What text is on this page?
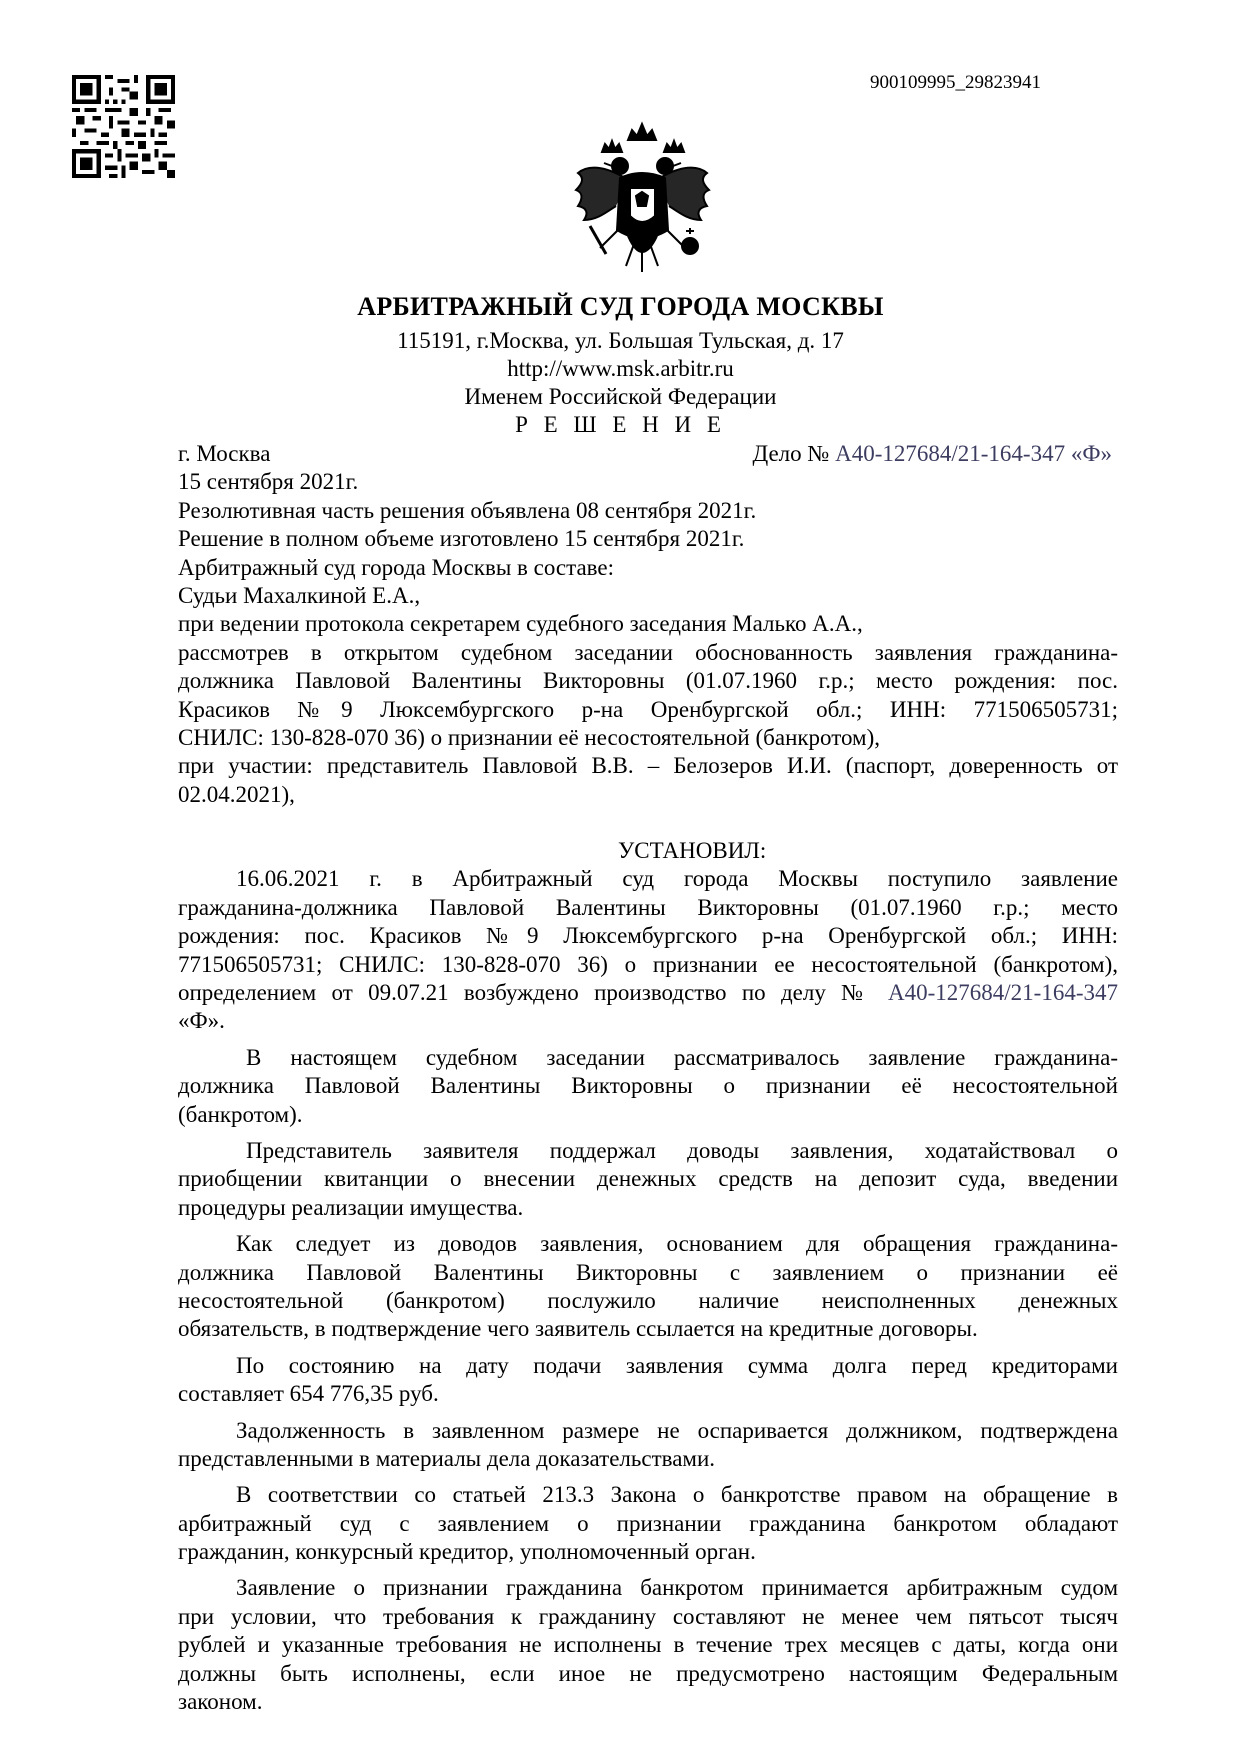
900109995_29823941
АРБИТРАЖНЫЙ СУД ГОРОДА МОСКВЫ
115191, г.Москва, ул. Большая Тульская, д. 17
http://www.msk.arbitr.ru
Именем Российской Федерации
Р Е Ш Е Н И Е
г. Москва	Дело № А40-127684/21-164-347 «Ф»
15 сентября 2021г.
Резолютивная часть решения объявлена 08 сентября 2021г.
Решение в полном объеме изготовлено 15 сентября 2021г.
Арбитражный суд города Москвы в составе:
Судьи Махалкиной Е.А.,
при ведении протокола секретарем судебного заседания Малько А.А.,
рассмотрев в открытом судебном заседании обоснованность заявления гражданина-
должника Павловой Валентины Викторовны (01.07.1960 г.р.; место рождения: пос.
Красиков №9 Люксембургского р-на Оренбургской обл.; ИНН: 771506505731;
СНИЛС: 130-828-070 36) о признании её несостоятельной (банкротом),
при участии: представитель Павловой В.В. – Белозеров И.И. (паспорт, доверенность от
02.04.2021),
УСТАНОВИЛ:
16.06.2021 г. в Арбитражный суд города Москвы поступило заявление
гражданина-должника Павловой Валентины Викторовны (01.07.1960 г.р.; место
рождения: пос. Красиков №9 Люксембургского р-на Оренбургской обл.; ИНН:
771506505731; СНИЛС: 130-828-070 36) о признании ее несостоятельной (банкротом),
определением от 09.07.21 возбуждено производство по делу № А40-127684/21-164-347
«Ф».
В настоящем судебном заседании рассматривалось заявление гражданина-
должника Павловой Валентины Викторовны о признании её несостоятельной
(банкротом).
Представитель заявителя поддержал доводы заявления, ходатайствовал о
приобщении квитанции о внесении денежных средств на депозит суда, введении
процедуры реализации имущества.
Как следует из доводов заявления, основанием для обращения гражданина-
должника Павловой Валентины Викторовны с заявлением о признании её
несостоятельной (банкротом) послужило наличие неисполненных денежных
обязательств, в подтверждение чего заявитель ссылается на кредитные договоры.
По состоянию на дату подачи заявления сумма долга перед кредиторами
составляет 654 776,35 руб.
Задолженность в заявленном размере не оспаривается должником, подтверждена
представленными в материалы дела доказательствами.
В соответствии со статьей 213.3 Закона о банкротстве правом на обращение в
арбитражный суд с заявлением о признании гражданина банкротом обладают
гражданин, конкурсный кредитор, уполномоченный орган.
Заявление о признании гражданина банкротом принимается арбитражным судом
при условии, что требования к гражданину составляют не менее чем пятьсот тысяч
рублей и указанные требования не исполнены в течение трех месяцев с даты, когда они
должны быть исполнены, если иное не предусмотрено настоящим Федеральным
законом.
